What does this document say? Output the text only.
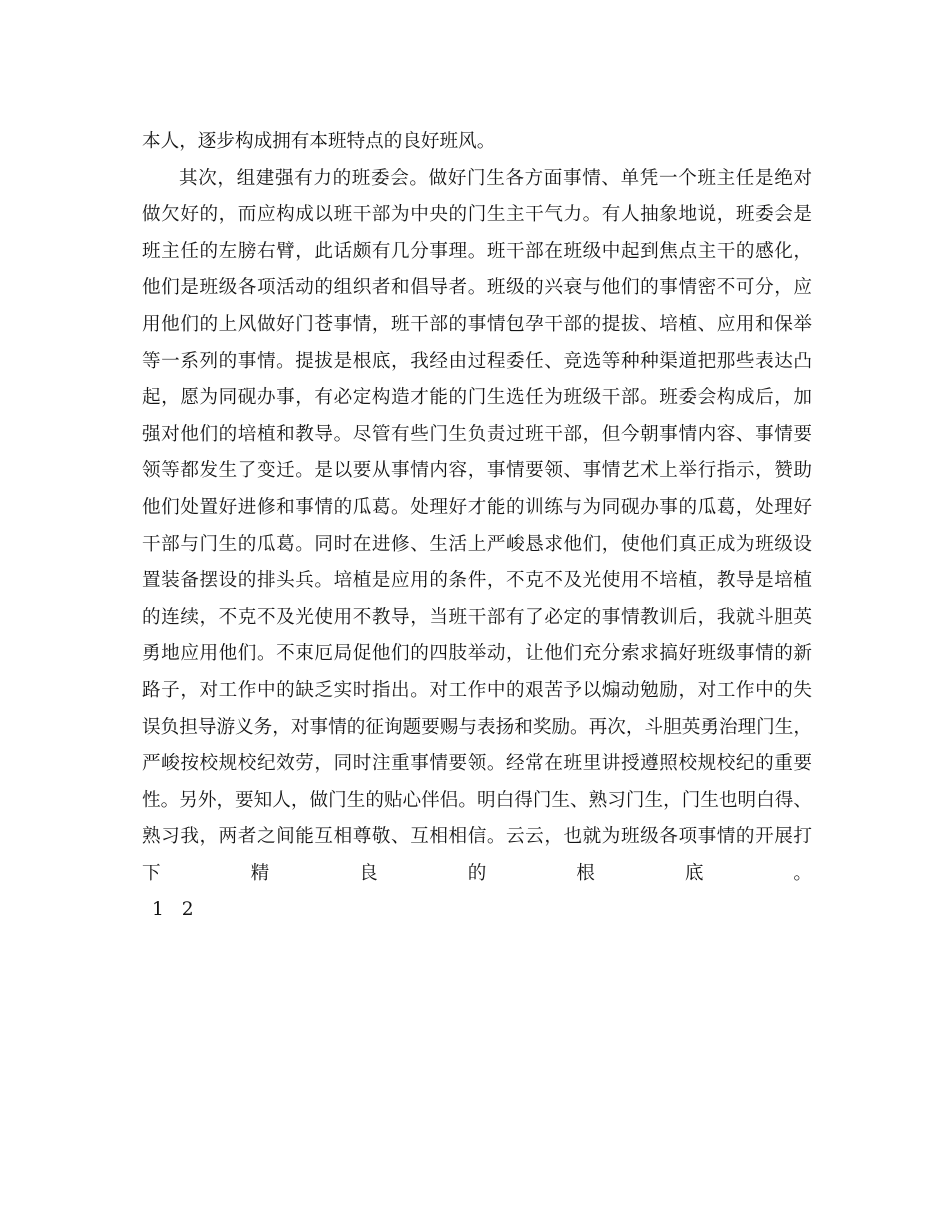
本人，逐步构成拥有本班特点的良好班风。
其次，组建强有力的班委会。做好门生各方面事情、单凭一个班主任是绝对
做欠好的，而应构成以班干部为中央的门生主干气力。有人抽象地说，班委会是
班主任的左膀右臂，此话颇有几分事理。班干部在班级中起到焦点主干的感化，
他们是班级各项活动的组织者和倡导者。班级的兴衰与他们的事情密不可分，应
用他们的上风做好门苍事情，班干部的事情包孕干部的提拔、培植、应用和保举
等一系列的事情。提拔是根底，我经由过程委任、竞选等种种渠道把那些表达凸
起，愿为同砚办事，有必定构造才能的门生选任为班级干部。班委会构成后，加
强对他们的培植和教导。尽管有些门生负责过班干部，但今朝事情内容、事情要
领等都发生了变迁。是以要从事情内容，事情要领、事情艺术上举行指示，赞助
他们处置好进修和事情的瓜葛。处理好才能的训练与为同砚办事的瓜葛，处理好
干部与门生的瓜葛。同时在进修、生活上严峻恳求他们，使他们真正成为班级设
置装备摆设的排头兵。培植是应用的条件，不克不及光使用不培植，教导是培植
的连续，不克不及光使用不教导，当班干部有了必定的事情教训后，我就斗胆英
勇地应用他们。不束厄局促他们的四肢举动，让他们充分索求搞好班级事情的新
路子，对工作中的缺乏实时指出。对工作中的艰苦予以煽动勉励，对工作中的失
误负担导游义务，对事情的征询题要赐与表扬和奖励。再次，斗胆英勇治理门生，
严峻按校规校纪效劳，同时注重事情要领。经常在班里讲授遵照校规校纪的重要
性。另外，要知人，做门生的贴心伴侣。明白得门生、熟习门生，门生也明白得、
熟习我，两者之间能互相尊敬、互相相信。云云，也就为班级各项事情的开展打
下精良的根底。
1 2
